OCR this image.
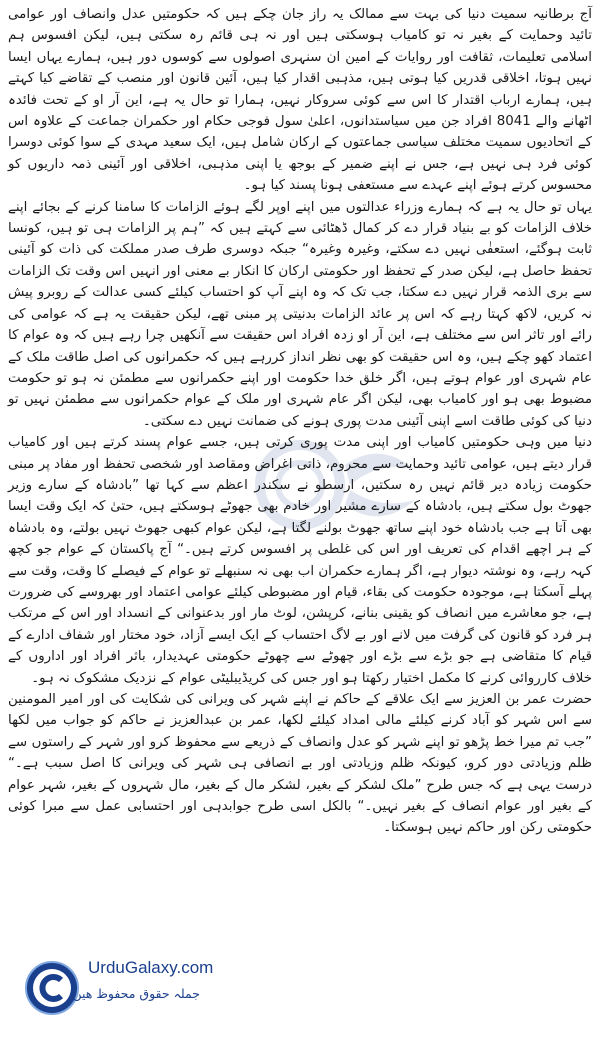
آج برطانیہ سمیت دنیا کی بہت سے ممالک یہ راز جان چکے ہیں کہ حکومتیں عدل وانصاف اور عوامی تائید وحمایت کے بغیر نہ تو کامیاب ہوسکتی ہیں اور نہ ہی قائم رہ سکتی ہیں، لیکن افسوس ہم اسلامی تعلیمات، ثقافت اور روایات کے امین ان سنہری اصولوں سے کوسوں دور ہیں، ہمارے یہاں ایسا نہیں ہوتا، اخلاقی قدریں کیا ہوتی ہیں، مذہبی اقدار کیا ہیں، آئین قانون اور منصب کے تقاضے کیا کہتے ہیں، ہمارے ارباب اقتدار کا اس سے کوئی سروکار نہیں، ہمارا تو حال یہ ہے، این آر او کے تحت فائدہ اٹھانے والے 8041 افراد جن میں سیاستدانوں، اعلیٰ سول فوجی حکام اور حکمران جماعت کے علاوہ اس کے اتحادیوں سمیت مختلف سیاسی جماعتوں کے ارکان شامل ہیں، ایک سعید مہدی کے سوا کوئی دوسرا کوئی فرد ہی نہیں ہے، جس نے اپنے ضمیر کے بوجھ یا اپنی مذہبی، اخلاقی اور آئینی ذمہ داریوں کو محسوس کرتے ہوئے اپنے عہدے سے مستعفی ہونا پسند کیا ہو۔

یہاں تو حال یہ ہے کہ ہمارے وزراء عدالتوں میں اپنے اوپر لگے ہوئے الزامات کا سامنا کرنے کے بجائے اپنے خلاف الزامات کو بے بنیاد قرار دے کر کمال ڈھٹائی سے کہتے ہیں کہ ”ہم پر الزامات ہی تو ہیں، کونسا ثابت ہوگئے، استعفٰی نہیں دے سکتے، وغیرہ وغیرہ“ جبکہ دوسری طرف صدر مملکت کی ذات کو آئینی تحفظ حاصل ہے، لیکن صدر کے تحفظ اور حکومتی ارکان کا انکار بے معنی اور انہیں اس وقت تک الزامات سے بری الذمہ قرار نہیں دے سکتا، جب تک کہ وہ اپنے آپ کو احتساب کیلئے کسی عدالت کے روبرو پیش نہ کریں، لاکھ کہتا رہے کہ اس پر عائد الزامات بدنیتی پر مبنی تھے، لیکن حقیقت یہ ہے کہ عوامی کی رائے اور تاثر اس سے مختلف ہے، این آر او زدہ افراد اس حقیقت سے آنکھیں چرا رہے ہیں کہ وہ عوام کا اعتماد کھو چکے ہیں، وہ اس حقیقت کو بھی نظر انداز کررہے ہیں کہ حکمرانوں کی اصل طاقت ملک کے عام شہری اور عوام ہوتے ہیں، اگر خلق خدا حکومت اور اپنے حکمرانوں سے مطمئن نہ ہو تو حکومت مضبوط بھی ہو اور کامیاب بھی، لیکن اگر عام شہری اور ملک کے عوام حکمرانوں سے مطمئن نہیں تو دنیا کی کوئی طاقت اسے اپنی آئینی مدت پوری ہونے کی ضمانت نہیں دے سکتی۔

دنیا میں وہی حکومتیں کامیاب اور اپنی مدت پوری کرتی ہیں، جسے عوام پسند کرتے ہیں اور کامیاب قرار دیتے ہیں، عوامی تائید وحمایت سے محروم، ذاتی اغراض ومقاصد اور شخصی تحفظ اور مفاد پر مبنی حکومت زیادہ دیر قائم نہیں رہ سکتیں، ارسطو نے سکندر اعظم سے کہا تھا ”بادشاہ کے سارے وزیر جھوٹ بول سکتے ہیں، بادشاہ کے سارے مشیر اور خادم بھی جھوٹے ہوسکتے ہیں، حتیٰ کہ ایک وقت ایسا بھی آتا ہے جب بادشاہ خود اپنے ساتھ جھوٹ بولنے لگتا ہے، لیکن عوام کبھی جھوٹ نہیں بولتے، وہ بادشاہ کے ہر اچھے اقدام کی تعریف اور اس کی غلطی پر افسوس کرتے ہیں۔“ آج پاکستان کے عوام جو کچھ کہہ رہے، وہ نوشتہ دیوار ہے، اگر ہمارے حکمران اب بھی نہ سنبھلے تو عوام کے فیصلے کا وقت، وقت سے پہلے آسکتا ہے، موجودہ حکومت کی بقاء، قیام اور مضبوطی کیلئے عوامی اعتماد اور بھروسے کی ضرورت ہے، جو معاشرے میں انصاف کو یقینی بنانے، کرپشن، لوٹ مار اور بدعنوانی کے انسداد اور اس کے مرتکب ہر فرد کو قانون کی گرفت میں لانے اور بے لاگ احتساب کے ایک ایسے آزاد، خود مختار اور شفاف ادارے کے قیام کا متقاضی ہے جو بڑے سے بڑے اور چھوٹے سے چھوٹے حکومتی عہدیدار، باثر افراد اور اداروں کے خلاف کارروائی کرنے کا مکمل اختیار رکھتا ہو اور جس کی کریڈیبلیٹی عوام کے نزدیک مشکوک نہ ہو۔

حضرت عمر بن العزیز سے ایک علاقے کے حاکم نے اپنے شہر کی ویرانی کی شکایت کی اور امیر المومنین سے اس شہر کو آباد کرنے کیلئے مالی امداد کیلئے لکھا، عمر بن عبدالعزیز نے حاکم کو جواب میں لکھا ”جب تم میرا خط پڑھو تو اپنے شہر کو عدل وانصاف کے ذریعے سے محفوظ کرو اور شہر کے راستوں سے ظلم وزیادتی دور کرو، کیونکہ ظلم وزیادتی اور بے انصافی ہی شہر کی ویرانی کا اصل سبب ہے۔“ درست یہی ہے کہ جس طرح ”ملک لشکر کے بغیر، لشکر مال کے بغیر، مال شہروں کے بغیر، شہر عوام کے بغیر اور عوام انصاف کے بغیر نہیں۔“ بالکل اسی طرح جوابدہی اور احتسابی عمل سے مبرا کوئی حکومتی رکن اور حاکم نہیں ہوسکتا۔

UrduGalaxy.com
جملہ حقوق محفوظ ھیں
